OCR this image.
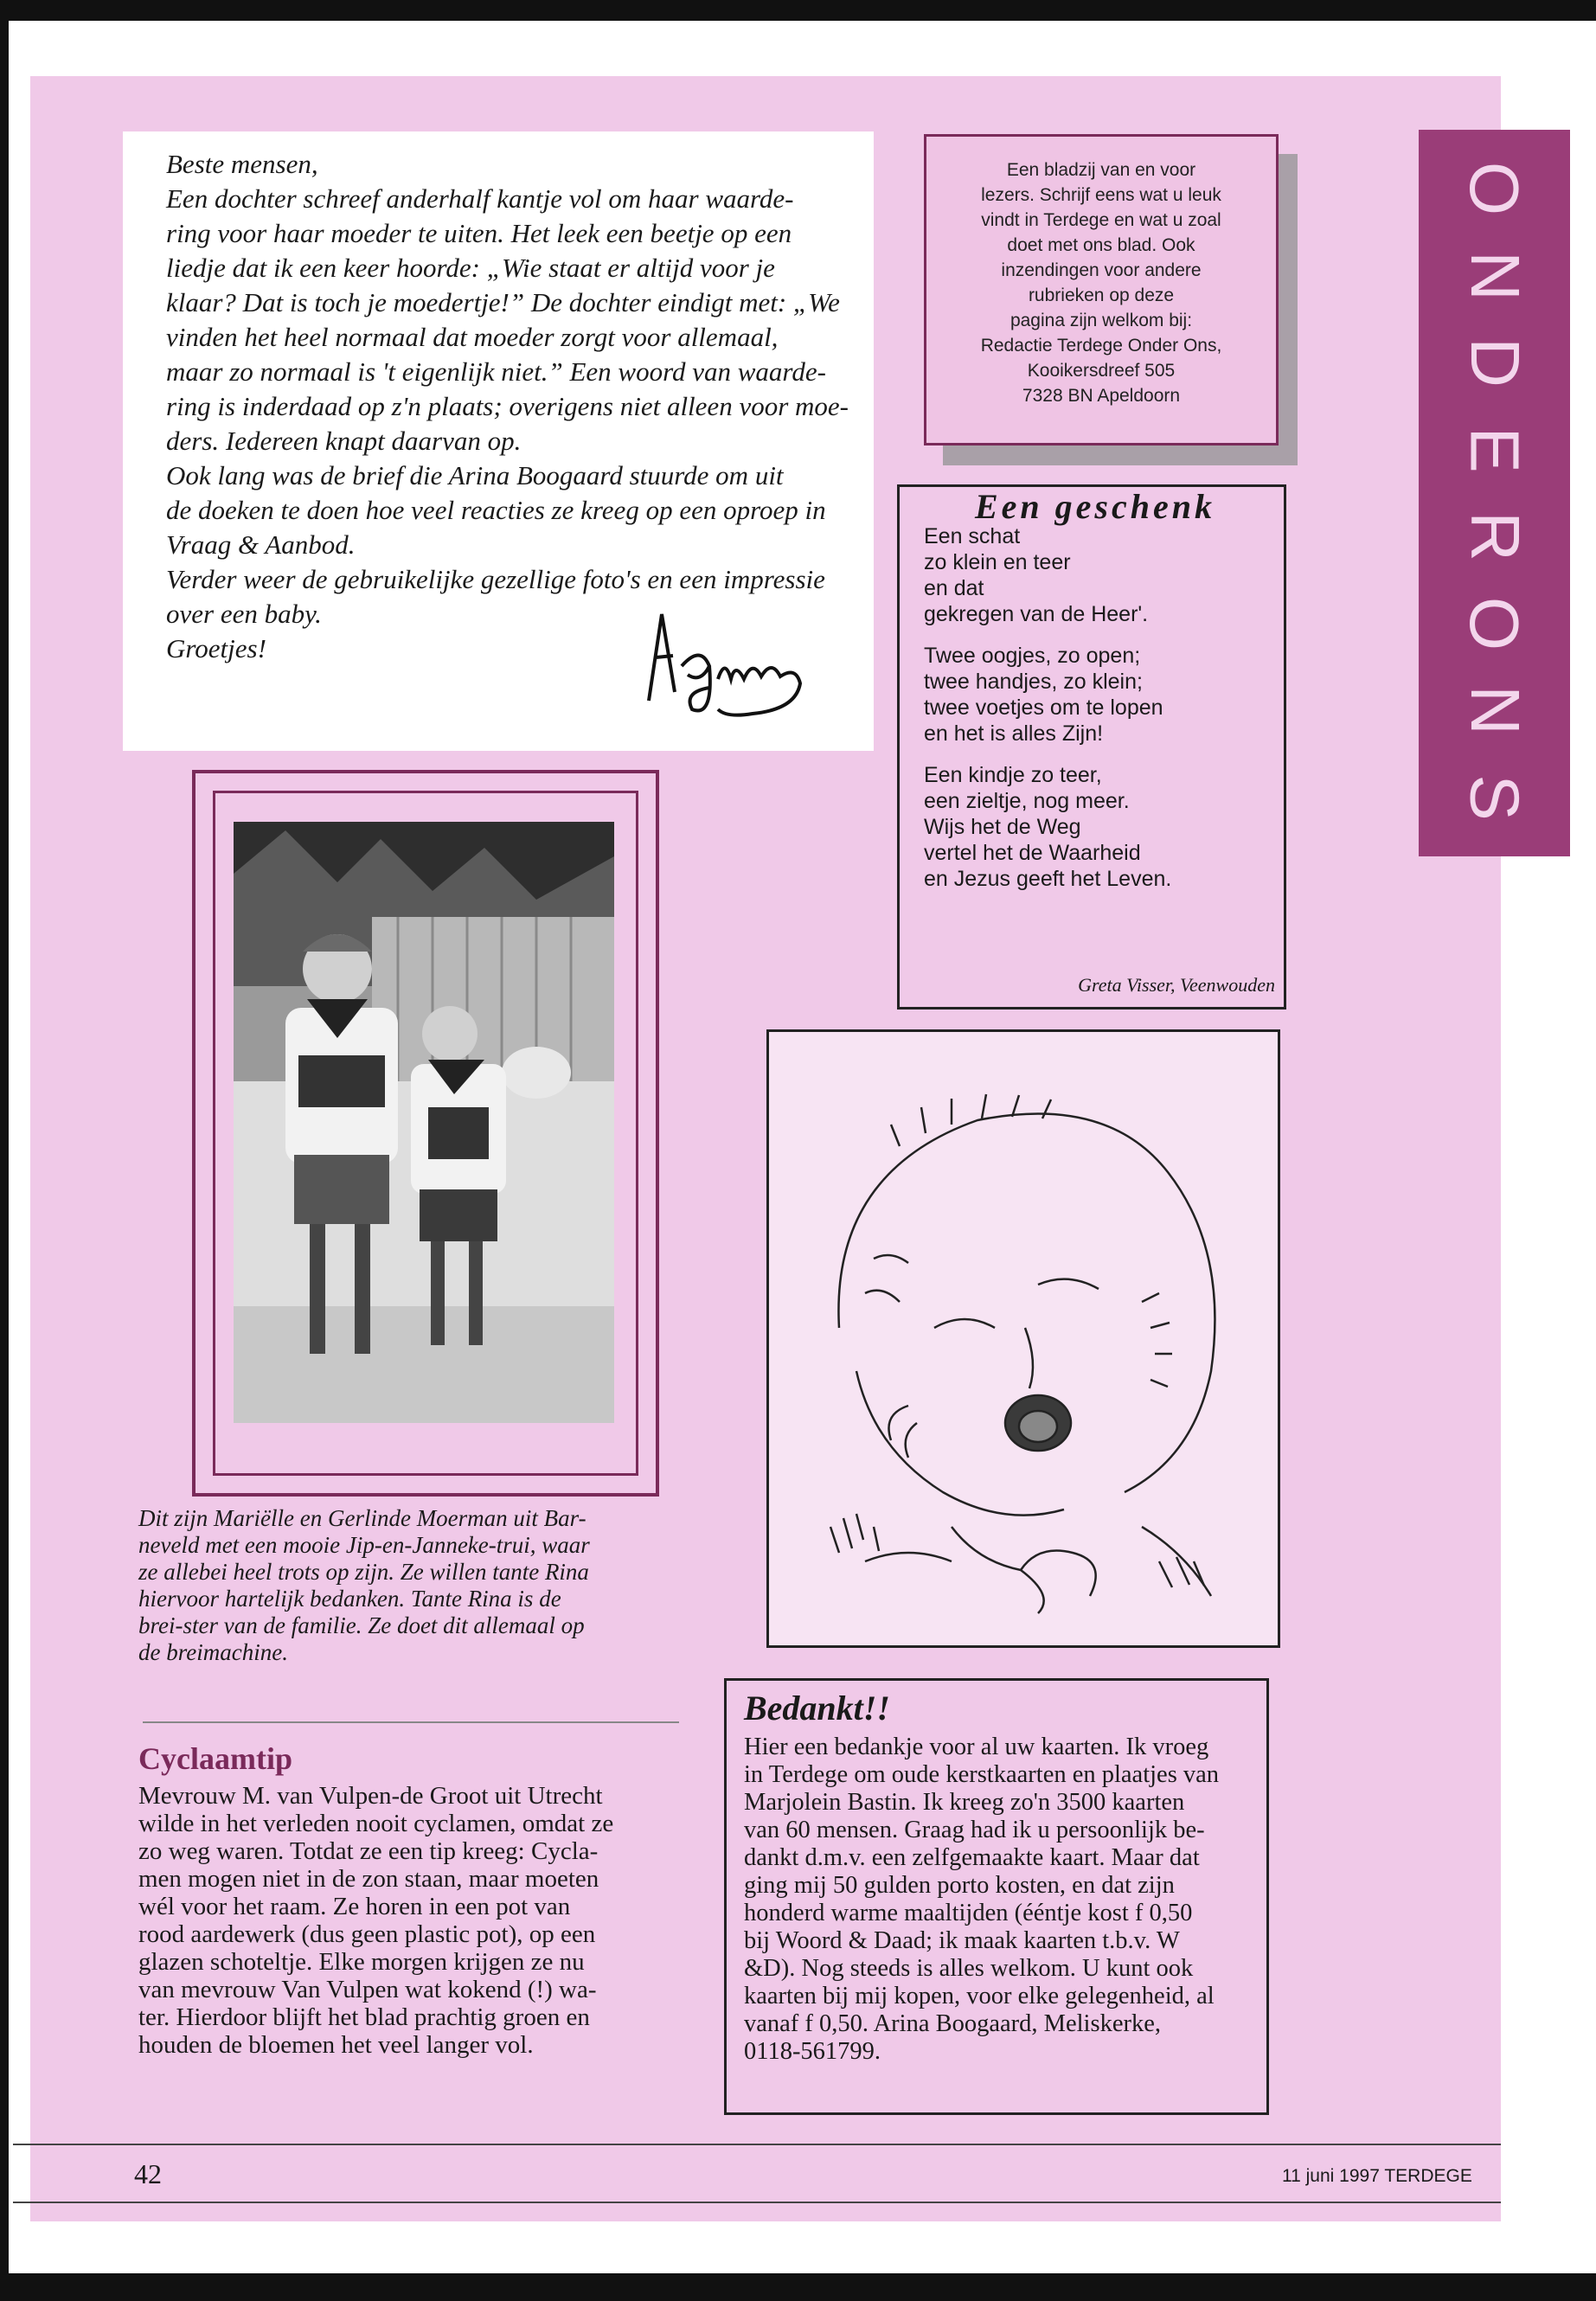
O
N
D
E
R
O
N
S
Beste mensen,
Een dochter schreef anderhalf kantje vol om haar waarde-
ring voor haar moeder te uiten. Het leek een beetje op een
liedje dat ik een keer hoorde: „Wie staat er altijd voor je
klaar? Dat is toch je moedertje!” De dochter eindigt met: „We
vinden het heel normaal dat moeder zorgt voor allemaal,
maar zo normaal is 't eigenlijk niet.” Een woord van waarde-
ring is inderdaad op z'n plaats; overigens niet alleen voor moe-
ders. Iedereen knapt daarvan op.
Ook lang was de brief die Arina Boogaard stuurde om uit
de doeken te doen hoe veel reacties ze kreeg op een oproep in
Vraag & Aanbod.
Verder weer de gebruikelijke gezellige foto's en een impressie
over een baby.
Groetjes!
Een bladzij van en voor
lezers. Schrijf eens wat u leuk
vindt in Terdege en wat u zoal
doet met ons blad. Ook
inzendingen voor andere
rubrieken op deze
pagina zijn welkom bij:
Redactie Terdege Onder Ons,
Kooikersdreef 505
7328 BN Apeldoorn
Een geschenk
Een schat
zo klein en teer
en dat
gekregen van de Heer'.
Twee oogjes, zo open;
twee handjes, zo klein;
twee voetjes om te lopen
en het is alles Zijn!
Een kindje zo teer,
een zieltje, nog meer.
Wijs het de Weg
vertel het de Waarheid
en Jezus geeft het Leven.
Greta Visser, Veenwouden
Dit zijn Mariëlle en Gerlinde Moerman uit Bar-
neveld met een mooie Jip-en-Janneke-trui, waar
ze allebei heel trots op zijn. Ze willen tante Rina
hiervoor hartelijk bedanken. Tante Rina is de
brei-ster van de familie. Ze doet dit allemaal op
de breimachine.
Cyclaamtip
Mevrouw M. van Vulpen-de Groot uit Utrecht
wilde in het verleden nooit cyclamen, omdat ze
zo weg waren. Totdat ze een tip kreeg: Cycla-
men mogen niet in de zon staan, maar moeten
wél voor het raam. Ze horen in een pot van
rood aardewerk (dus geen plastic pot), op een
glazen schoteltje. Elke morgen krijgen ze nu
van mevrouw Van Vulpen wat kokend (!) wa-
ter. Hierdoor blijft het blad prachtig groen en
houden de bloemen het veel langer vol.
Bedankt!!
Hier een bedankje voor al uw kaarten. Ik vroeg
in Terdege om oude kerstkaarten en plaatjes van
Marjolein Bastin. Ik kreeg zo'n 3500 kaarten
van 60 mensen. Graag had ik u persoonlijk be-
dankt d.m.v. een zelfgemaakte kaart. Maar dat
ging mij 50 gulden porto kosten, en dat zijn
honderd warme maaltijden (ééntje kost f 0,50
bij Woord & Daad; ik maak kaarten t.b.v. W
&D). Nog steeds is alles welkom. U kunt ook
kaarten bij mij kopen, voor elke gelegenheid, al
vanaf f 0,50. Arina Boogaard, Meliskerke,
0118-561799.
42	11 juni 1997 TERDEGE
